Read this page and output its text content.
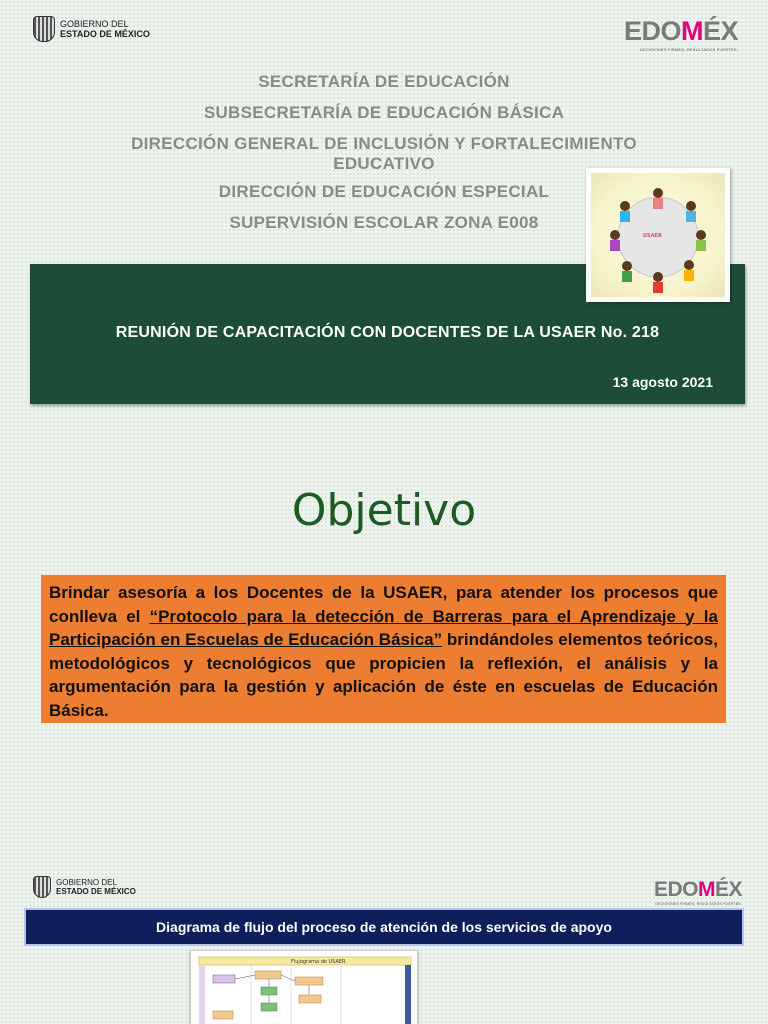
GOBIERNO DEL
ESTADO DE MÉXICO	EDOMÉX
DECISIONES FIRMES, RESULTADOS FUERTES.
SECRETARÍA DE EDUCACIÓN
SUBSECRETARÍA DE EDUCACIÓN BÁSICA
DIRECCIÓN GENERAL DE INCLUSIÓN Y FORTALECIMIENTO EDUCATIVO
DIRECCIÓN DE EDUCACIÓN ESPECIAL
SUPERVISIÓN ESCOLAR ZONA E008
REUNIÓN DE CAPACITACIÓN CON DOCENTES DE LA USAER No. 218
13 agosto 2021
USAER
Objetivo
Brindar asesoría a los Docentes de la USAER, para atender los procesos que conlleva el “Protocolo para la detección de Barreras para el Aprendizaje y la Participación en Escuelas de Educación Básica” brindándoles elementos teóricos, metodológicos y tecnológicos que propicien la reflexión, el análisis y la argumentación para la gestión y aplicación de éste en escuelas de Educación Básica.
GOBIERNO DEL
ESTADO DE MÉXICO	EDOMÉX
DECISIONES FIRMES, RESULTADOS FUERTES.
Diagrama de flujo del proceso de atención de los servicios de apoyo
Flujograma de USAER
